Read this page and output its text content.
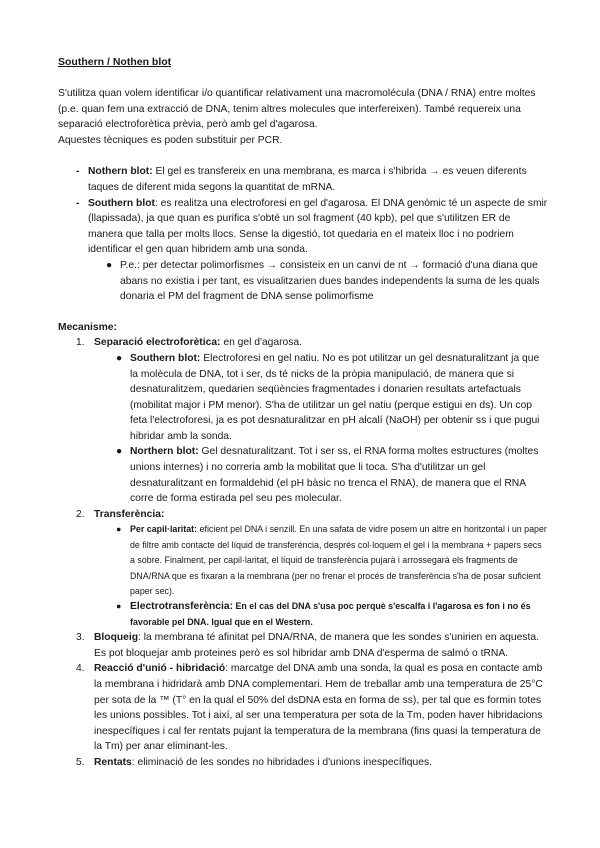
Southern / Nothen blot

S'utilitza quan volem identificar i/o quantificar relativament una macromolécula (DNA / RNA) entre moltes (p.e. quan fem una extracció de DNA, tenim altres molecules que interfereixen). També requereix una separació electroforètica prèvia, però amb gel d'agarosa.

Aquestes tècniques es poden substituir per PCR.

- Nothern blot: El gel es transfereix en una membrana, es marca i s'hibrida → es veuen diferents taques de diferent mida segons la quantitat de mRNA.
- Southern blot: es realitza una electroforesi en gel d'agarosa. El DNA genòmic té un aspecte de smir (llapissada), ja que quan es purifica s'obté un sol fragment (40 kpb), pel que s'utilitzen ER de manera que talla per molts llocs. Sense la digestió, tot quedaria en el mateix lloc i no podriem identificar el gen quan hibridem amb una sonda.
● P.e.: per detectar polimorfismes → consisteix en un canvi de nt → formació d'una diana que abans no existia i per tant, es visualitzarien dues bandes independents la suma de les quals donaria el PM del fragment de DNA sense polimorfisme
Mecanisme:
1. Separació electroforètica: en gel d'agarosa.
● Southern blot: Electroforesi en gel natiu. No es pot utilitzar un gel desnaturalitzant ja que la molècula de DNA, tot i ser, ds té nicks de la pròpia manipulació, de manera que si desnaturalitzem, quedarien seqüències fragmentades i donarien resultats artefactuals (mobilitat major i PM menor). S'ha de utilitzar un gel natiu (perque estigui en ds). Un cop feta l'electroforesi, ja es pot desnaturalitzar en pH alcalí (NaOH) per obtenir ss i que pugui hibridar amb la sonda.
● Northern blot: Gel desnaturalitzant. Tot i ser ss, el RNA forma moltes estructures (moltes unions internes) i no correria amb la mobilitat que li toca. S'ha d'utilitzar un gel desnaturalitzant en formaldehid (el pH bàsic no trenca el RNA), de manera que el RNA corre de forma estirada pel seu pes molecular.
2. Transferència:
● Per capil·laritat: eficient pel DNA i senzill. En una safata de vidre posem un altre en horitzontal i un paper de filtre amb contacte del líquid de transferència, després col·loquem el gel i la membrana + papers secs a sobre. Finalment, per capil·laritat, el líquid de transferència pujarà i arrossegarà els fragments de DNA/RNA que es fixaran a la membrana (per no frenar el procés de transferència s'ha de posar suficient paper sec).
● Electrotransferència: En el cas del DNA s'usa poc perquè s'escalfa i l'agarosa es fon i no és favorable pel DNA. Igual que en el Western.
3. Bloqueig: la membrana té afinitat pel DNA/RNA, de manera que les sondes s'unirien en aquesta. Es pot bloquejar amb proteines però es sol hibridar amb DNA d'esperma de salmó o tRNA.
4. Reacció d'unió - hibridació: marcatge del DNA amb una sonda, la qual es posa en contacte amb la membrana i hidridarà amb DNA complementari. Hem de treballar amb una temperatura de 25°C per sota de la ™ (T° en la qual el 50% del dsDNA esta en forma de ss), per tal que es formin totes les unions possibles. Tot i així, al ser una temperatura per sota de la Tm, poden haver hibridacions inespecífiques i cal fer rentats pujant la temperatura de la membrana (fins quasi la temperatura de la Tm) per anar eliminant-les.
5. Rentats: eliminació de les sondes no hibridades i d'unions inespecífiques.
